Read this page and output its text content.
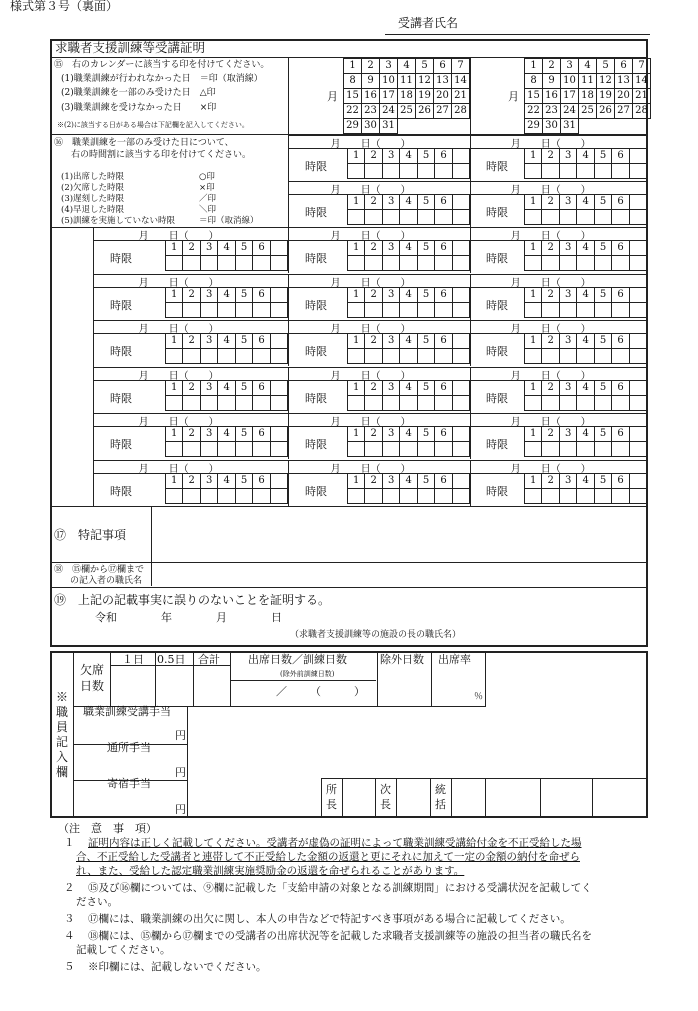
様式第３号（裏面）
受講者氏名
求職者支援訓練等受講証明
⑮　右のカレンダーに該当する印を付けてください。
(1)職業訓練が行われなかった日　＝印（取消線）
(2)職業訓練を一部のみ受けた日　△印
(3)職業訓練を受けなかった日　　×印
※(2)に該当する日がある場合は下記欄を記入してください。
月
1	2	3	4	5	6	7
8	9	10	11	12	13	14
15	16	17	18	19	20	21
22	23	24	25	26	27	28
29	30	31				
月
1	2	3	4	5	6	7
8	9	10	11	12	13	14
15	16	17	18	19	20	21
22	23	24	25	26	27	28
29	30	31				
⑯　職業訓練を一部のみ受けた日について、
右の時間割に該当する印を付けてください。
(1)出席した時限	○印
(2)欠席した時限	×印
(3)遅刻した時限	／印
(4)早退した時限	＼印
(5)訓練を実施していない時限	＝印（取消線）
月　　日（　　）
時限
1	2	3	4	5	6	

月　　日（　　）
時限
1	2	3	4	5	6	

月　　日（　　）
時限
1	2	3	4	5	6	

月　　日（　　）
時限
1	2	3	4	5	6	

月　　日（　　）
時限
1	2	3	4	5	6	

月　　日（　　）
時限
1	2	3	4	5	6	

月　　日（　　）
時限
1	2	3	4	5	6	

月　　日（　　）
時限
1	2	3	4	5	6	

月　　日（　　）
時限
1	2	3	4	5	6	

月　　日（　　）
時限
1	2	3	4	5	6	

月　　日（　　）
時限
1	2	3	4	5	6	

月　　日（　　）
時限
1	2	3	4	5	6	

月　　日（　　）
時限
1	2	3	4	5	6	

月　　日（　　）
時限
1	2	3	4	5	6	

月　　日（　　）
時限
1	2	3	4	5	6	

月　　日（　　）
時限
1	2	3	4	5	6	

月　　日（　　）
時限
1	2	3	4	5	6	

月　　日（　　）
時限
1	2	3	4	5	6	

月　　日（　　）
時限
1	2	3	4	5	6	

月　　日（　　）
時限
1	2	3	4	5	6	

月　　日（　　）
時限
1	2	3	4	5	6	

月　　日（　　）
時限
1	2	3	4	5	6	

⑰　特記事項
⑱　⑮欄から⑰欄まで
の記入者の職氏名
⑲　上記の記載事実に誤りのないことを証明する。
令和　　　　年　　　　月　　　　日
（求職者支援訓練等の施設の長の職氏名）
※職員記入欄
欠席
日数
１日 0.5日 合計	出席日数／訓練日数
(除外前訓練日数)
／ （　　　）
除外日数 出席率
％
職業訓練受講手当
円
通所手当
円
寄宿手当
円
所長
次長
統括
（注　意　事　項）
１ 証明内容は正しく記載してください。受講者が虚偽の証明によって職業訓練受講給付金を不正受給した場
合、不正受給した受講者と連帯して不正受給した金額の返還と更にそれに加えて一定の金額の納付を命ぜら
れ、また、受給した認定職業訓練実施奨励金の返還を命ぜられることがあります。
２ ⑮及び⑯欄については、⑨欄に記載した「支給申請の対象となる訓練期間」における受講状況を記載してく
ださい。
３ ⑰欄には、職業訓練の出欠に関し、本人の申告などで特記すべき事項がある場合に記載してください。
４ ⑱欄には、⑮欄から⑰欄までの受講者の出席状況等を記載した求職者支援訓練等の施設の担当者の職氏名を
記載してください。
５ ※印欄には、記載しないでください。
